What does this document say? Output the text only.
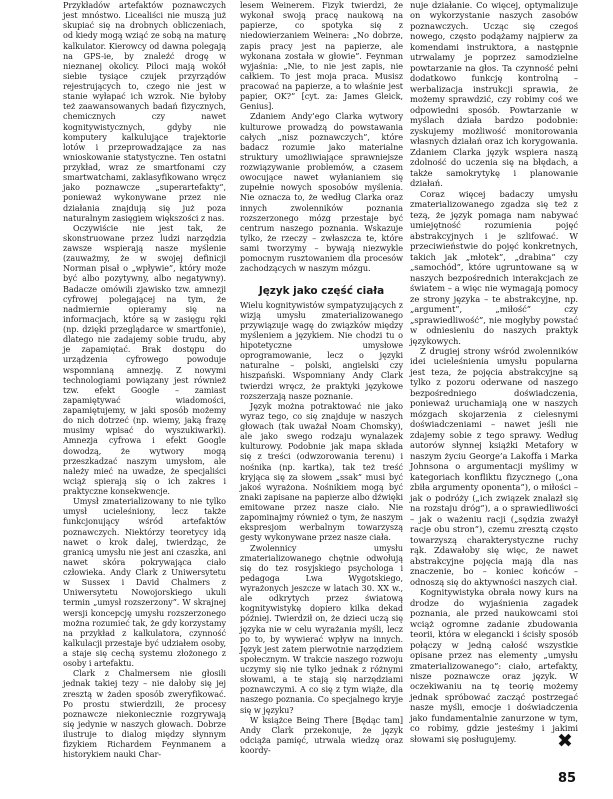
Przykładów artefaktów poznawczych jest mnóstwo. Licealiści nie muszą już skupiać się na drobnych obliczeniach, od kiedy mogą wziąć ze sobą na maturę kalkulator. Kierowcy od dawna polegają na GPS-ie, by znaleźć drogę w nieznanej okolicy. Piloci mają wokół siebie tysiące czujek przyrządów rejestrujących to, czego nie jest w stanie wyłapać ich wzrok. Nie byłoby też zaawansowanych badań fizycznych, chemicznych czy nawet kognitywistycznych, gdyby nie komputery kalkulujące trajektorie lotów i przeprowadzające za nas wnioskowanie statystyczne. Ten ostatni przykład, wraz ze smartfonami czy smartwatchami, zaklasyfikowano wręcz jako poznawcze „superartefakty”, ponieważ wykonywane przez nie działania znajdują się już poza naturalnym zasięgiem większości z nas.

Oczywiście nie jest tak, że skonstruowane przez ludzi narzędzia zawsze wspierają nasze myślenie (zauważmy, że w swojej definicji Norman pisał o „wpływie”, który może być albo pozytywny, albo negatywny). Badacze omówili zjawisko tzw. amnezji cyfrowej polegającej na tym, że nadmiernie opieramy się na informacjach, które są w zasięgu ręki (np. dzięki przeglądarce w smartfonie), dlatego nie zadajemy sobie trudu, aby je zapamiętać. Brak dostępu do urządzenia cyfrowego powoduje wspomnianą amnezję. Z nowymi technologiami powiązany jest również tzw. efekt Google – zamiast zapamiętywać wiadomości, zapamiętujemy, w jaki sposób możemy do nich dotrzeć (np. wiemy, jaką frazę musimy wpisać do wyszukiwarki). Amnezja cyfrowa i efekt Google dowodzą, że wytwory mogą przeszkadzać naszym umysłom, ale należy mieć na uwadze, że specjaliści wciąż spierają się o ich zakres i praktyczne konsekwencje.

Umysł zmaterializowany to nie tylko umysł ucieleśniony, lecz także funkcjonujący wśród artefaktów poznawczych. Niektórzy teoretycy idą nawet o krok dalej, twierdząc, że granicą umysłu nie jest ani czaszka, ani nawet skóra pokrywająca ciało człowieka. Andy Clark z Uniwersytetu w Sussex i David Chalmers z Uniwersytetu Nowojorskiego ukuli termin „umysł rozszerzony”. W skrajnej wersji koncepcję umysłu rozszerzonego można rozumieć tak, że gdy korzystamy na przykład z kalkulatora, czynność kalkulacji przestaje być udziałem osoby, a staje się cechą systemu złożonego z osoby i artefaktu.

Clark z Chalmersem nie głosili jednak takiej tezy – nie dałoby się jej zresztą w żaden sposób zweryfikować. Po prostu stwierdzili, że procesy poznawcze niekoniecznie rozgrywają się jedynie w naszych głowach. Dobrze ilustruje to dialog między słynnym fizykiem Richardem Feynmanem a historykiem nauki Char-

lesem Weinerem. Fizyk twierdzi, że wykonał swoją pracę naukową na papierze, co spotyka się z niedowierzaniem Weinera: „No dobrze, zapis pracy jest na papierze, ale wykonana została w głowie”. Feynman wyjaśnia: „Nie, to nie jest zapis, nie całkiem. To jest moja praca. Musisz pracować na papierze, a to właśnie jest papier, OK?” [cyt. za: James Gleick, Genius].

Zdaniem Andy’ego Clarka wytwory kulturowe prowadzą do powstawania całych „nisz poznawczych”, które badacz rozumie jako materialne struktury umożliwiające sprawniejsze rozwiązywanie problemów, a czasem owocujące nawet wyłanianiem się zupełnie nowych sposobów myślenia. Nie oznacza to, że według Clarka oraz innych zwolenników poznania rozszerzonego mózg przestaje być centrum naszego poznania. Wskazuje tylko, że rzeczy – zwłaszcza te, które sami tworzymy – bywają niezwykle pomocnym rusztowaniem dla procesów zachodzących w naszym mózgu.

Język jako część ciała

Wielu kognitywistów sympatyzujących z wizją umysłu zmaterializowanego przywiązuje wagę do związków między myśleniem a językiem. Nie chodzi tu o hipotetyczne umysłowe oprogramowanie, lecz o języki naturalne – polski, angielski czy hiszpański. Wspomniany Andy Clark twierdzi wręcz, że praktyki językowe rozszerzają nasze poznanie.

Język można potraktować nie jako wyraz tego, co się znajduje w naszych głowach (tak uważał Noam Chomsky), ale jako swego rodzaju wynalazek kulturowy. Podobnie jak mapa składa się z treści (odwzorowania terenu) i nośnika (np. kartka), tak też treść kryjąca się za słowem „ssak” musi być jakoś wyrażona. Nośnikiem mogą być znaki zapisane na papierze albo dźwięki emitowane przez nasze ciało. Nie zapominajmy również o tym, że naszym ekspresjom werbalnym towarzyszą gesty wykonywane przez nasze ciała.

Zwolennicy umysłu zmaterializowanego chętnie odwołują się do tez rosyjskiego psychologa i pedagoga Lwa Wygotskiego, wyrażonych jeszcze w latach 30. XX w., ale odkrytych przez światową kognitywistykę dopiero kilka dekad później. Twierdził on, że dzieci uczą się języka nie w celu wyrażania myśli, lecz po to, by wywierać wpływ na innych. Język jest zatem pierwotnie narzędziem społecznym. W trakcie naszego rozwoju uczymy się nie tylko jednak z różnymi słowami, a te stają się narzędziami poznawczymi. A co się z tym wiąże, dla naszego poznania. Co specjalnego kryje się w języku?

W książce Being There [Będąc tam] Andy Clark przekonuje, że język odciąża pamięć, utrwala wiedzę oraz koordy-

nuje działanie. Co więcej, optymalizuje on wykorzystanie naszych zasobów poznawczych. Ucząc się czegoś nowego, często podążamy najpierw za komendami instruktora, a następnie utrwalamy je poprzez samodzielne powtarzanie na głos. Ta czynność pełni dodatkowo funkcję kontrolną – werbalizacja instrukcji sprawia, że możemy sprawdzić, czy robimy coś we odpowiedni sposób. Powtarzanie w myślach działa bardzo podobnie: zyskujemy możliwość monitorowania własnych działań oraz ich korygowania. Zdaniem Clarka język wspiera naszą zdolność do uczenia się na błędach, a także samokrytykę i planowanie działań.

Coraz więcej badaczy umysłu zmaterializowanego zgadza się też z tezą, że język pomaga nam nabywać umiejętność rozumienia pojęć abstrakcyjnych i je szlifować. W przeciwieństwie do pojęć konkretnych, takich jak „młotek”, „drabina” czy „samochód”, które ugruntowane są w naszych bezpośrednich interakcjach ze światem – a więc nie wymagają pomocy ze strony języka – te abstrakcyjne, np. „argument”, „miłość” czy „sprawiedliwość”, nie mogłyby powstać w odniesieniu do naszych praktyk językowych.

Z drugiej strony wśród zwolenników idei ucieleśnienia umysłu popularna jest teza, że pojęcia abstrakcyjne są tylko z pozoru oderwane od naszego bezpośredniego doświadczenia, ponieważ uruchamiają one w naszych mózgach skojarzenia z cielesnymi doświadczeniami – nawet jeśli nie zdajemy sobie z tego sprawy. Według autorów słynnej książki Metafory w naszym życiu George’a Lakoffa i Marka Johnsona o argumentacji myślimy w kategoriach konfliktu fizycznego („ona zbiła argumenty oponenta”), o miłości – jak o podróży („ich związek znalazł się na rozstaju dróg”), a o sprawiedliwości – jak o ważeniu racji („sędzia zważył racje obu stron”), czemu zresztą często towarzyszą charakterystyczne ruchy rąk. Zdawałoby się więc, że nawet abstrakcyjne pojęcia mają dla nas znaczenie, bo – koniec końców – odnoszą się do aktywności naszych ciał.

Kognitywistyka obrała nowy kurs na drodze do wyjaśnienia zagadek poznania, ale przed naukowcami stoi wciąż ogromne zadanie zbudowania teorii, która w elegancki i ścisły sposób połączy w jedną całość wszystkie opisane przez nas elementy „umysłu zmaterializowanego”: ciało, artefakty, nisze poznawcze oraz język. W oczekiwaniu na tę teorię możemy jednak spróbować zacząć postrzegać nasze myśli, emocje i doświadczenia jako fundamentalnie zanurzone w tym, co robimy, gdzie jesteśmy i jakimi słowami się posługujemy.	✖
85
